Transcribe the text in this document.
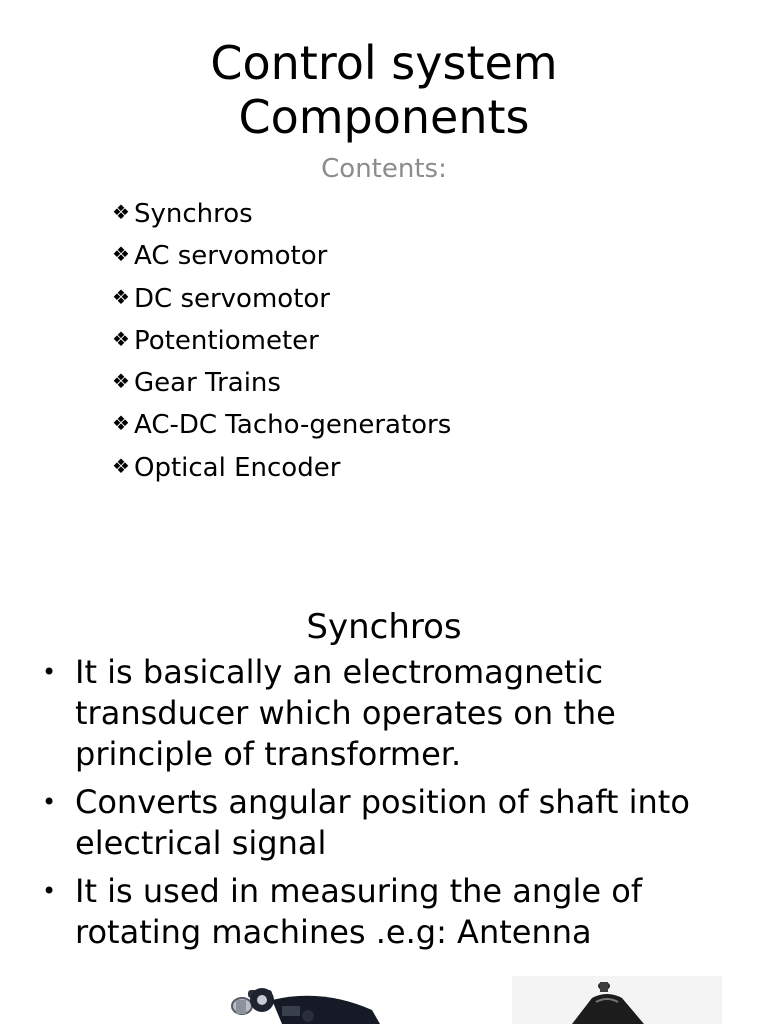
Control system
Components
Contents:
❖ Synchros
❖ AC servomotor
❖ DC servomotor
❖ Potentiometer
❖ Gear Trains
❖ AC-DC Tacho-generators
❖ Optical Encoder
Synchros
• It is basically an electromagnetic transducer which operates on the principle of transformer.
• Converts angular position of shaft into electrical signal
• It is used in measuring the angle of rotating machines .e.g: Antenna
